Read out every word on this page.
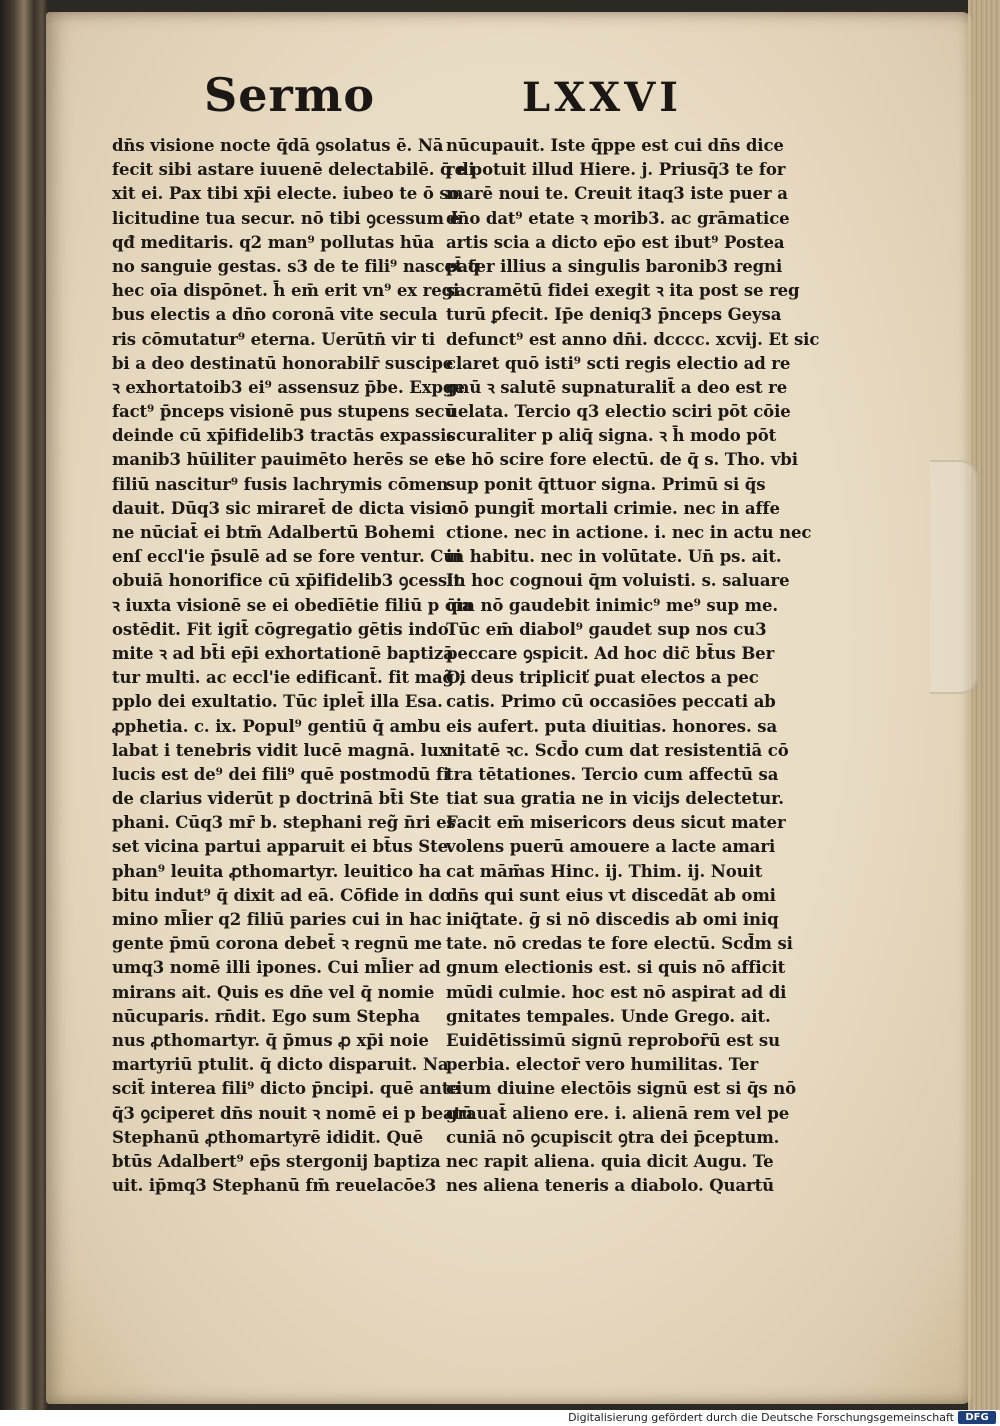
Sermo	LXXVI
dn̄s visione nocte q̄dā ꝯsolatus ē. Nā
fecit sibi astare iuuenē delectabilē. q̄ di
xit ei. Pax tibi xp̄i electe. iubeo te ō so
licitudine tua secur. nō tibi ꝯcessum ē
qđ meditaris. q2 man⁹ pollutas hūa
no sanguie gestas. s3 de te fili⁹ nascet̄ q̄
hec oīa dispōnet. h̄ em̄ erit vn⁹ ex regi
bus electis a dn̄o coronā vite secula
ris cōmutatur⁹ eterna. Uerūtn̄ vir ti
bi a deo destinatū honorabilr̄ suscipe
ꝛ exhortatoib3 ei⁹ assensuz p̄be. Expge
fact⁹ p̄nceps visionē pus stupens secū
deinde cū xp̄ifidelib3 tractās expassis
manib3 hūiliter pauimēto herēs se et
filiū nascitur⁹ fusis lachrymis cōmen
dauit. Dūq3 sic miraret̄ de dicta visio
ne nūciat̄ ei btm̄ Adalbertū Bohemi
enſ eccl'ie p̄sulē ad se fore ventur. Cui
obuiā honorifice cū xp̄ifidelib3 ꝯcessit
ꝛ iuxta visionē se ei obedīētie filiū p oia
ostēdit. Fit igit̄ cōgregatio gētis indo
mite ꝛ ad bt̄i ep̄i exhortationē baptizā
tur multi. ac eccl'ie edificant̄. fit mag̃ i
pplo dei exultatio. Tūc iplet̄ illa Esa.
ꝓphetia. c. ix. Popul⁹ gentiū q̄ ambu
labat i tenebris vidit lucē magnā. lux
lucis est de⁹ dei fili⁹ quē postmodū fi
de clarius viderūt p doctrinā bt̄i Ste
phani. Cūq3 mr̄ b. stephani reg̃ n̄ri es
set vicina partui apparuit ei bt̄us Ste
phan⁹ leuita ꝓthomartyr. leuitico ha
bitu indut⁹ q̄ dixit ad eā. Cōfide in do
mino ml̄ier q2 filiū paries cui in hac
gente p̄mū corona debet̄ ꝛ regnū me
umq3 nomē illi ipones. Cui ml̄ier ad
mirans ait. Quis es dn̄e vel q̄ nomie
nūcuparis. rn̄dit. Ego sum Stepha
nus ꝓthomartyr. q̄ p̄mus ꝓ xp̄i noie
martyriū ptulit. q̄ dicto disparuit. Na
scit̄ interea fili⁹ dicto p̄ncipi. quē ante
q̄3 ꝯciperet dn̄s nouit ꝛ nomē ei p beatū
Stephanū ꝓthomartyrē ididit. Quē
btūs Adalbert⁹ ep̄s stergonij baptiza
uit. ip̄mq3 Stephanū fm̄ reuelacōe3
nūcupauit. Iste q̄ppe est cui dn̄s dice
re potuit illud Hiere. j. Priusq̄3 te for
marē noui te. Creuit itaq3 iste puer a
dn̄o dat⁹ etate ꝛ morib3. ac grāmatice
artis scia a dicto ep̄o est ibut⁹ Postea
pater illius a singulis baronib3 regni
sacramētū fidei exegit ꝛ ita post se reg
turū ꝑfecit. Ip̄e deniq3 p̄nceps Geysa
defunct⁹ est anno dn̄i. dcccc. xcvij. Et sic
claret quō isti⁹ scti regis electio ad re
gnū ꝛ salutē supnaturalit̄ a deo est re
uelata. Tercio q3 electio sciri pōt cōie
ccuraliter p aliq̄ signa. ꝛ h̄ modo pōt
se hō scire fore electū. de q̄ s. Tho. vbi
sup ponit q̄ttuor signa. Primū si q̄s
nō pungit̄ mortali crimie. nec in affe
ctione. nec in actione. i. nec in actu nec
in habitu. nec in volūtate. Un̄ ps. ait.
In hoc cognoui q̄m voluisti. s. saluare
q̄m nō gaudebit inimic⁹ me⁹ sup me.
Tūc em̄ diabol⁹ gaudet sup nos cu3
peccare ꝯspicit. Ad hoc dic̄ bt̄us Ber
O, deus tripliciť ꝑuat electos a pec
catis. Primo cū occasiōes peccati ab
eis aufert. puta diuitias. honores. sa
nitatē ꝛc. Scd̄o cum dat resistentiā cō
tra tētationes. Tercio cum affectū sa
tiat sua gratia ne in vicijs delectetur.
Facit em̄ misericors deus sicut mater
volens puerū amouere a lacte amari
cat mām̄as Hinc. ij. Thim. ij. Nouit
dn̄s qui sunt eius vt discedāt ab omi
iniq̄tate. ḡ si nō discedis ab omi iniq
tate. nō credas te fore electū. Scd̄m si
gnum electionis est. si quis nō afficit
mūdi culmie. hoc est nō aspirat ad di
gnitates tempales. Unde Grego. ait.
Euidētissimū signū reprobor̄ū est su
perbia. elector̄ vero humilitas. Ter
cium diuine electōis signū est si q̄s nō
grauat̄ alieno ere. i. alienā rem vel pe
cuniā nō ꝯcupiscit ꝯtra dei p̄ceptum.
nec rapit aliena. quia dicit Augu. Te
nes aliena teneris a diabolo. Quartū
Digitalisierung gefördert durch die Deutsche Forschungsgemeinschaft	DFG
